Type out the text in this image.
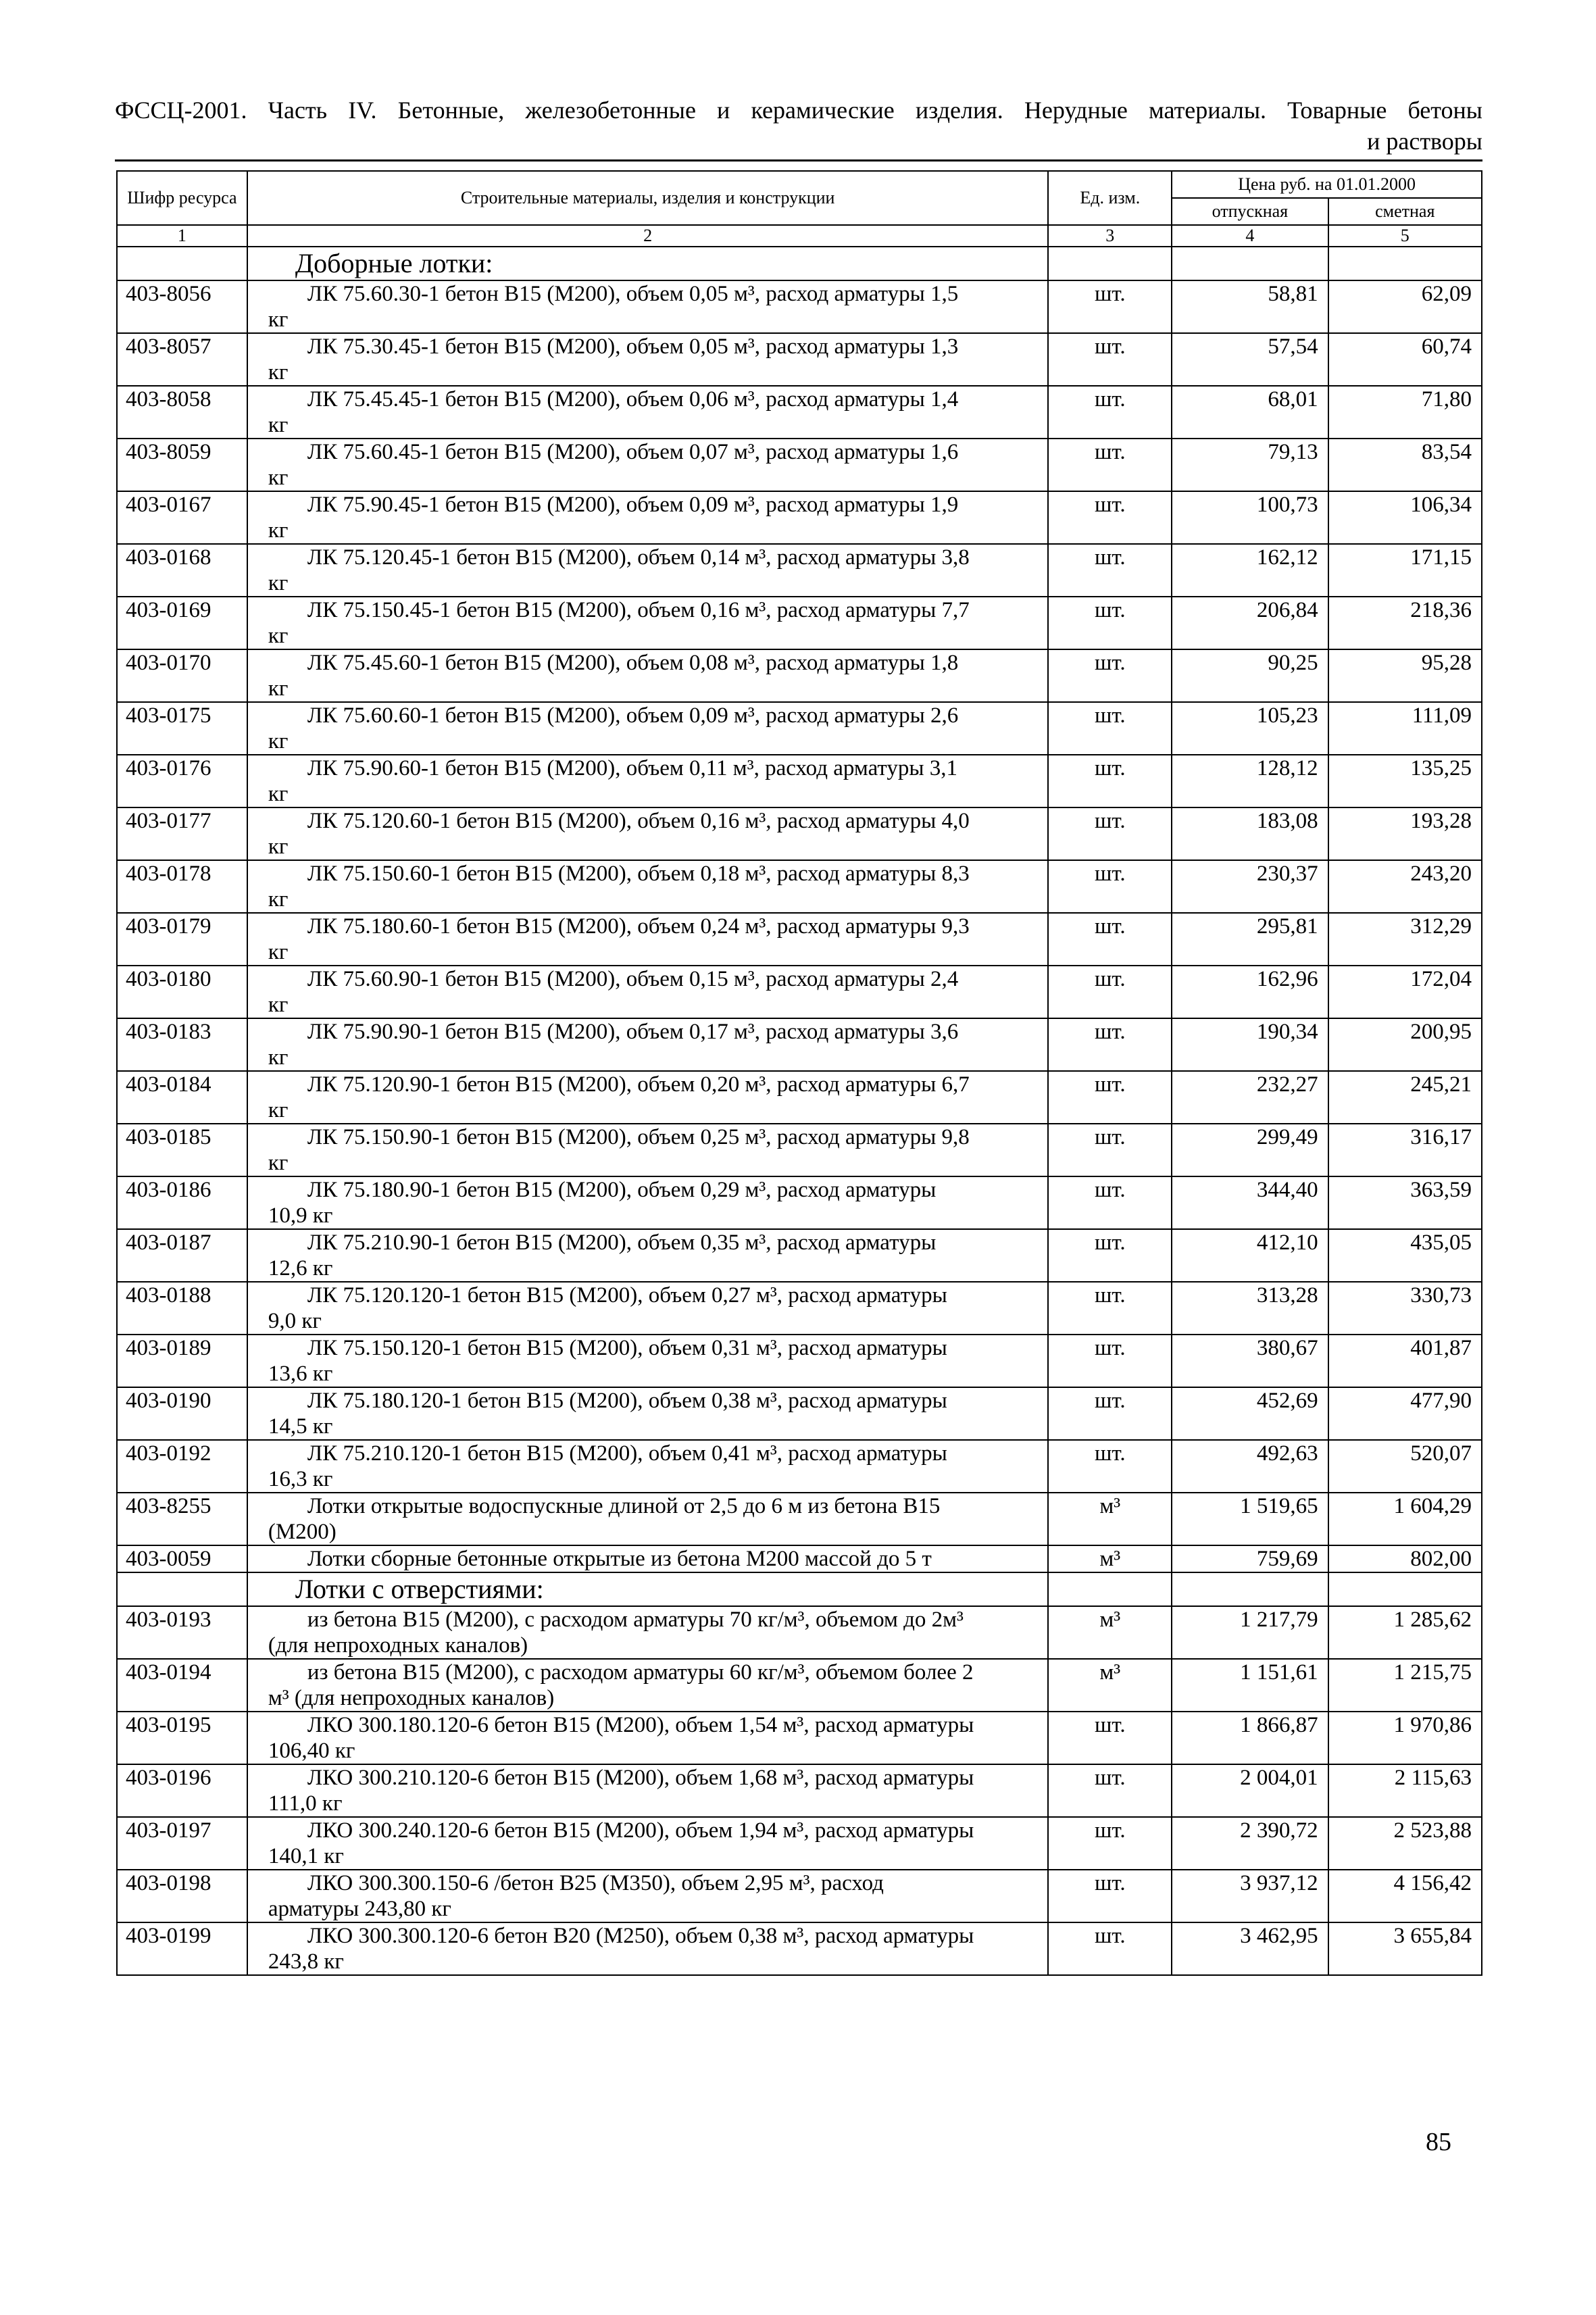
ФССЦ-2001. Часть IV. Бетонные, железобетонные и керамические изделия. Нерудные материалы. Товарные бетоны
и растворы
Шифр ресурса	Строительные материалы, изделия и конструкции	Ед. изм.	Цена руб. на 01.01.2000	
			отпускная	сметная
1	2	3	4	5
	Доборные лотки:			
403-8056	ЛК 75.60.30-1 бетон В15 (М200), объем 0,05 м³, расход арматуры 1,5
кг	шт.	58,81	62,09
403-8057	ЛК 75.30.45-1 бетон В15 (М200), объем 0,05 м³, расход арматуры 1,3
кг	шт.	57,54	60,74
403-8058	ЛК 75.45.45-1 бетон В15 (М200), объем 0,06 м³, расход арматуры 1,4
кг	шт.	68,01	71,80
403-8059	ЛК 75.60.45-1 бетон В15 (М200), объем 0,07 м³, расход арматуры 1,6
кг	шт.	79,13	83,54
403-0167	ЛК 75.90.45-1 бетон В15 (М200), объем 0,09 м³, расход арматуры 1,9
кг	шт.	100,73	106,34
403-0168	ЛК 75.120.45-1 бетон В15 (М200), объем 0,14 м³, расход арматуры 3,8
кг	шт.	162,12	171,15
403-0169	ЛК 75.150.45-1 бетон В15 (М200), объем 0,16 м³, расход арматуры 7,7
кг	шт.	206,84	218,36
403-0170	ЛК 75.45.60-1 бетон В15 (М200), объем 0,08 м³, расход арматуры 1,8
кг	шт.	90,25	95,28
403-0175	ЛК 75.60.60-1 бетон В15 (М200), объем 0,09 м³, расход арматуры 2,6
кг	шт.	105,23	111,09
403-0176	ЛК 75.90.60-1 бетон В15 (М200), объем 0,11 м³, расход арматуры 3,1
кг	шт.	128,12	135,25
403-0177	ЛК 75.120.60-1 бетон В15 (М200), объем 0,16 м³, расход арматуры 4,0
кг	шт.	183,08	193,28
403-0178	ЛК 75.150.60-1 бетон В15 (М200), объем 0,18 м³, расход арматуры 8,3
кг	шт.	230,37	243,20
403-0179	ЛК 75.180.60-1 бетон В15 (М200), объем 0,24 м³, расход арматуры 9,3
кг	шт.	295,81	312,29
403-0180	ЛК 75.60.90-1 бетон В15 (М200), объем 0,15 м³, расход арматуры 2,4
кг	шт.	162,96	172,04
403-0183	ЛК 75.90.90-1 бетон В15 (М200), объем 0,17 м³, расход арматуры 3,6
кг	шт.	190,34	200,95
403-0184	ЛК 75.120.90-1 бетон В15 (М200), объем 0,20 м³, расход арматуры 6,7
кг	шт.	232,27	245,21
403-0185	ЛК 75.150.90-1 бетон В15 (М200), объем 0,25 м³, расход арматуры 9,8
кг	шт.	299,49	316,17
403-0186	ЛК 75.180.90-1 бетон В15 (М200), объем 0,29 м³, расход арматуры
10,9 кг	шт.	344,40	363,59
403-0187	ЛК 75.210.90-1 бетон В15 (М200), объем 0,35 м³, расход арматуры
12,6 кг	шт.	412,10	435,05
403-0188	ЛК 75.120.120-1 бетон В15 (М200), объем 0,27 м³, расход арматуры
9,0 кг	шт.	313,28	330,73
403-0189	ЛК 75.150.120-1 бетон В15 (М200), объем 0,31 м³, расход арматуры
13,6 кг	шт.	380,67	401,87
403-0190	ЛК 75.180.120-1 бетон В15 (М200), объем 0,38 м³, расход арматуры
14,5 кг	шт.	452,69	477,90
403-0192	ЛК 75.210.120-1 бетон В15 (М200), объем 0,41 м³, расход арматуры
16,3 кг	шт.	492,63	520,07
403-8255	Лотки открытые водоспускные длиной от 2,5 до 6 м из бетона В15
(М200)	м³	1 519,65	1 604,29
403-0059	Лотки сборные бетонные открытые из бетона М200 массой до 5 т	м³	759,69	802,00
	Лотки с отверстиями:			
403-0193	из бетона В15 (М200), с расходом арматуры 70 кг/м³, объемом до 2м³
(для непроходных каналов)	м³	1 217,79	1 285,62
403-0194	из бетона В15 (М200), с расходом арматуры 60 кг/м³, объемом более 2
м³ (для непроходных каналов)	м³	1 151,61	1 215,75
403-0195	ЛКО 300.180.120-6 бетон В15 (М200), объем 1,54 м³, расход арматуры
106,40 кг	шт.	1 866,87	1 970,86
403-0196	ЛКО 300.210.120-6 бетон В15 (М200), объем 1,68 м³, расход арматуры
111,0 кг	шт.	2 004,01	2 115,63
403-0197	ЛКО 300.240.120-6 бетон В15 (М200), объем 1,94 м³, расход арматуры
140,1 кг	шт.	2 390,72	2 523,88
403-0198	ЛКО 300.300.150-6 /бетон В25 (М350), объем 2,95 м³, расход
арматуры 243,80 кг	шт.	3 937,12	4 156,42
403-0199	ЛКО 300.300.120-6 бетон В20 (М250), объем 0,38 м³, расход арматуры
243,8 кг	шт.	3 462,95	3 655,84
85
